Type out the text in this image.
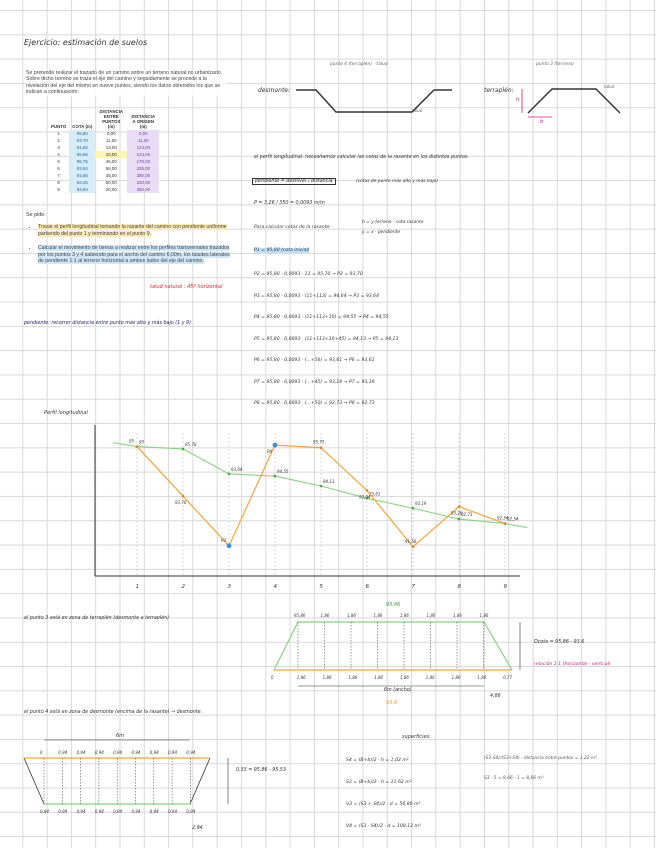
Ejercicio: estimación de suelos
Se pretende realizar el trazado de un camino sobre un terreno natural no urbanizado. Sobre dicho terreno se traza el eje del camino y seguidamente se procede a la nivelación del eje del mismo en nueve puntos, siendo los datos obtenidos los que se indican a continuación:
PUNTO	COTA (m)	DISTANCIA ENTRE PUNTOS (m)	DISTANCIA A ORIGEN (m)
1	95,80	0,00	0,00
2	93,70	11,00	11,00
3	91,60	13,00	124,00
4	95,86	10,00	134,00
5	95,75	45,00	179,00
6	93,94	56,00	235,00
7	91,56	45,00	280,00
8	93,26	50,00	330,00
9	92,94	20,00	350,00
Se pide:
• Trazar el perfil longitudinal tomando la rasante del camino con pendiente uniforme partiendo del punto 1 y terminando en el punto 9.
• Calcular el movimiento de tierras a realizar entre los perfiles transversales trazados por los puntos 3 y 4 sabiendo para el ancho del camino 6,00m, los taludes laterales de pendiente 1:1 al terreno horizontal a ambos lados del eje del camino.
talud natural : 45º horizontal
pendiente: recorrer distancia entre punto más alto y más bajo (1 y 9)
desmonte:
punto 4 (terraplén) - talud
talud
terraplén:
punto 3 (terreno)
talud
h
b
el perfil longitudinal: necesitamos calcular las cotas de la rasante en los distintos puntos.
pendiente = desnivel / distancia	(cotas de punto más alto y más bajo)
P = 3,26 / 350 = 0,0093 m/m
Para calcular cotas de la rasante:
h = y terreno - cota rasante
y = x · pendiente
P1 = 95,80 (cota inicial)
P2 = 95,80 - 0,0093 · 11 = 95,70 → P2 = 93,70
P3 = 95,80 - 0,0093 · (11+113) = 94,64 → P3 = 93,64
P4 = 95,80 - 0,0093 · (11+113+10) = 94,55 → P4 = 94,55
P5 = 95,80 - 0,0093 · (11+113+10+45) = 94,13 → P5 = 94,13
P6 = 95,80 - 0,0093 · (...+56) = 93,61 → P6 = 93,61
P7 = 95,80 - 0,0093 · (...+45) = 93,19 → P7 = 93,19
P8 = 95,80 - 0,0093 · (...+50) = 92,73 → P8 = 92,73
Perfil longitudinal
1	2	3	4	5	6	7	8	9
95	95,70
93,64	94,55
94,13
93,61
93,19
92,73
92,54
95
93,70
P3
P4
95,75
93,94
91,56
93,26
92,54
95,86	1,86	1,86	1,86	1,86	1,86	1,86	1,86
0	1,86	1,86	1,86	1,86	1,86	1,86	1,86	1,86	0,77
0
0,94
0,94
0,94
0,94
0,94
0,94
0,94
0,94
0,94
0,94
0,94
0,94
0,94
0,94
0,94
0,94
0,94
el punto 3 está en zona de terraplén (desmonte a terraplén)
95,86
Dcota = 95,86 - 93,6
relación 1:1 (horizontal · vertical)
6m (ancho)
4,86
93,6
el punto 4 está en zona de desmonte (encima de la rasante) → desmonte.
6m
0,33 = 95,86 - 95,53
2,94
superficies:
S4 = (B+b)/2 · h = 1,02 m²
S3 = (B+b)/2 · h = 11,62 m²
V3 = (S3 + S4)/2 · d = 56,80 m³
V4 = (S3 · S4)/2 · d = 108,12 m³
(S3·S4)/(S3+S4) · distancia entre puntos = 1,22 m³
S3 · 5 = 8,66 · 1 = 8,66 m³
